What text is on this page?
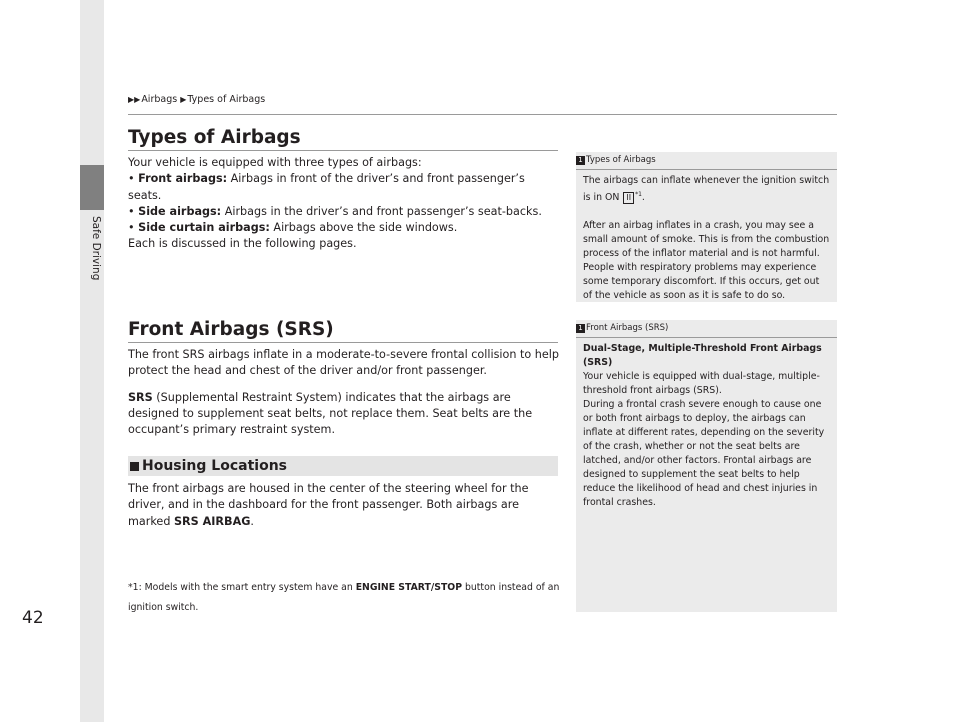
Safe Driving
42
▶▶ Airbags ▶ Types of Airbags
Types of Airbags

Your vehicle is equipped with three types of airbags:

• Front airbags: Airbags in front of the driver’s and front passenger’s seats.

• Side airbags: Airbags in the driver’s and front passenger’s seat-backs.

• Side curtain airbags: Airbags above the side windows.

Each is discussed in the following pages.

Front Airbags (SRS)

The front SRS airbags inflate in a moderate-to-severe frontal collision to help protect the head and chest of the driver and/or front passenger.

SRS (Supplemental Restraint System) indicates that the airbags are designed to supplement seat belts, not replace them. Seat belts are the occupant’s primary restraint system.

Housing Locations

The front airbags are housed in the center of the steering wheel for the driver, and in the dashboard for the front passenger. Both airbags are marked SRS AIRBAG.

*1: Models with the smart entry system have an ENGINE START/STOP button instead of an ignition switch.
1 Types of Airbags

The airbags can inflate whenever the ignition switch is in ON II $^{*1}$.

After an airbag inflates in a crash, you may see a small amount of smoke. This is from the combustion process of the inflator material and is not harmful. People with respiratory problems may experience some temporary discomfort. If this occurs, get out of the vehicle as soon as it is safe to do so.

1 Front Airbags (SRS)

Dual-Stage, Multiple-Threshold Front Airbags (SRS)

Your vehicle is equipped with dual-stage, multiple-threshold front airbags (SRS).

During a frontal crash severe enough to cause one or both front airbags to deploy, the airbags can inflate at different rates, depending on the severity of the crash, whether or not the seat belts are latched, and/or other factors. Frontal airbags are designed to supplement the seat belts to help reduce the likelihood of head and chest injuries in frontal crashes.
